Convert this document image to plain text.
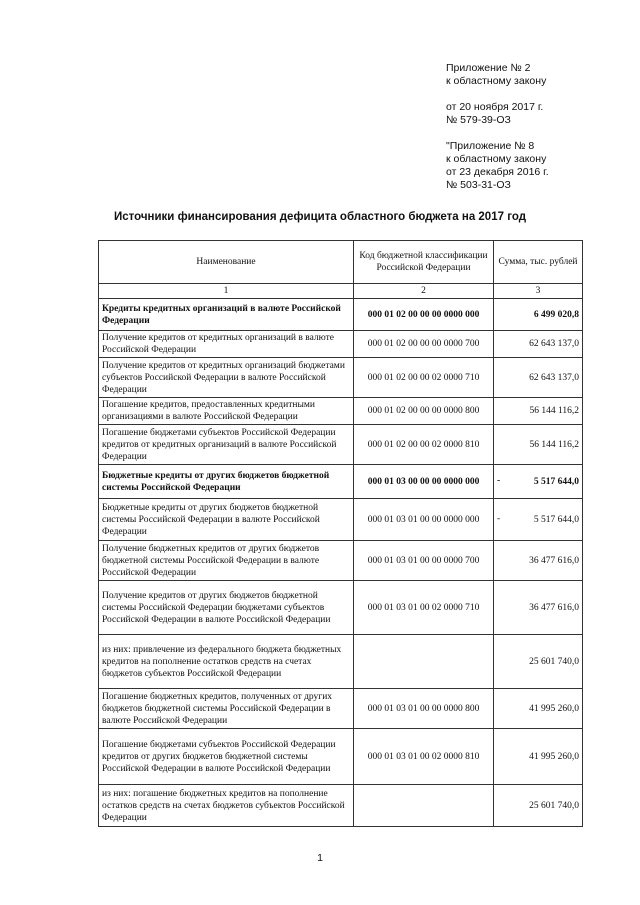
Приложение № 2

к областному закону

от 20 ноября 2017 г.

№ 579-39-ОЗ

"Приложение № 8

к областному закону

от 23 декабря 2016 г.

№ 503-31-ОЗ

Источники финансирования дефицита областного бюджета на 2017 год
Наименование	Код бюджетной классификации Российской Федерации	Сумма, тыс. рублей
1	2	3
Кредиты кредитных организаций в валюте Российской Федерации	000 01 02 00 00 00 0000 000	6 499 020,8
Получение кредитов от кредитных организаций в валюте Российской Федерации	000 01 02 00 00 00 0000 700	62 643 137,0
Получение кредитов от кредитных организаций бюджетами субъектов Российской Федерации в валюте Российской Федерации	000 01 02 00 00 02 0000 710	62 643 137,0
Погашение кредитов, предоставленных кредитными организациями в валюте Российской Федерации	000 01 02 00 00 00 0000 800	56 144 116,2
Погашение бюджетами субъектов Российской Федерации кредитов от кредитных организаций в валюте Российской Федерации	000 01 02 00 00 02 0000 810	56 144 116,2
Бюджетные кредиты от других бюджетов бюджетной системы Российской Федерации	000 01 03 00 00 00 0000 000	- 5 517 644,0
Бюджетные кредиты от других бюджетов бюджетной системы Российской Федерации в валюте Российской Федерации	000 01 03 01 00 00 0000 000	- 5 517 644,0
Получение бюджетных кредитов от других бюджетов бюджетной системы Российской Федерации в валюте Российской Федерации	000 01 03 01 00 00 0000 700	36 477 616,0
Получение кредитов от других бюджетов бюджетной системы Российской Федерации бюджетами субъектов Российской Федерации в валюте Российской Федерации	000 01 03 01 00 02 0000 710	36 477 616,0
из них: привлечение из федерального бюджета бюджетных кредитов на пополнение остатков средств на счетах бюджетов субъектов Российской Федерации		25 601 740,0
Погашение бюджетных кредитов, полученных от других бюджетов бюджетной системы Российской Федерации в валюте Российской Федерации	000 01 03 01 00 00 0000 800	41 995 260,0
Погашение бюджетами субъектов Российской Федерации кредитов от других бюджетов бюджетной системы Российской Федерации в валюте Российской Федерации	000 01 03 01 00 02 0000 810	41 995 260,0
из них: погашение бюджетных кредитов на пополнение остатков средств на счетах бюджетов субъектов Российской Федерации		25 601 740,0
1
